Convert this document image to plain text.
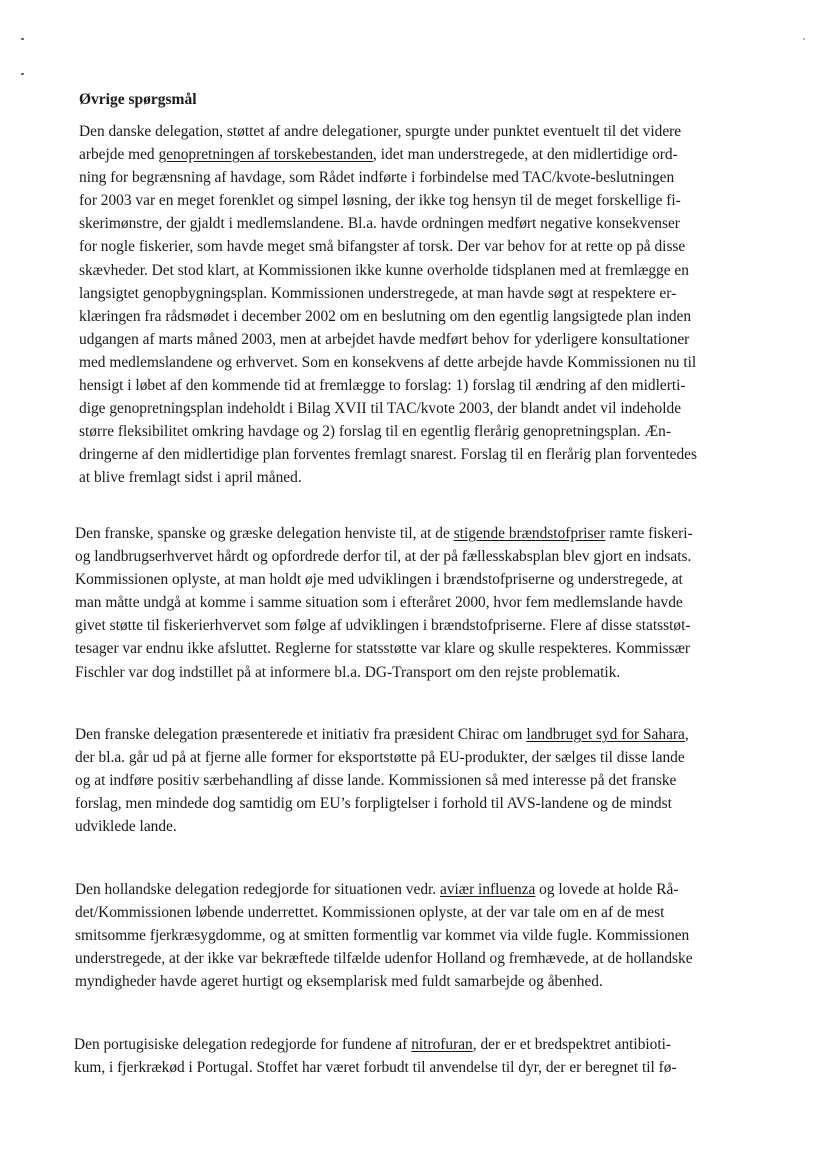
Øvrige spørgsmål
Den danske delegation, støttet af andre delegationer, spurgte under punktet eventuelt til det videre
arbejde med genopretningen af torskebestanden, idet man understregede, at den midlertidige ord-
ning for begrænsning af havdage, som Rådet indførte i forbindelse med TAC/kvote-beslutningen
for 2003 var en meget forenklet og simpel løsning, der ikke tog hensyn til de meget forskellige fi-
skerimønstre, der gjaldt i medlemslandene. Bl.a. havde ordningen medført negative konsekvenser
for nogle fiskerier, som havde meget små bifangster af torsk. Der var behov for at rette op på disse
skævheder. Det stod klart, at Kommissionen ikke kunne overholde tidsplanen med at fremlægge en
langsigtet genopbygningsplan. Kommissionen understregede, at man havde søgt at respektere er-
klæringen fra rådsmødet i december 2002 om en beslutning om den egentlig langsigtede plan inden
udgangen af marts måned 2003, men at arbejdet havde medført behov for yderligere konsultationer
med medlemslandene og erhvervet. Som en konsekvens af dette arbejde havde Kommissionen nu til
hensigt i løbet af den kommende tid at fremlægge to forslag: 1) forslag til ændring af den midlerti-
dige genopretningsplan indeholdt i Bilag XVII til TAC/kvote 2003, der blandt andet vil indeholde
større fleksibilitet omkring havdage og 2) forslag til en egentlig flerårig genopretningsplan. Æn-
dringerne af den midlertidige plan forventes fremlagt snarest. Forslag til en flerårig plan forventedes
at blive fremlagt sidst i april måned.
Den franske, spanske og græske delegation henviste til, at de stigende brændstofpriser ramte fiskeri-
og landbrugserhvervet hårdt og opfordrede derfor til, at der på fællesskabsplan blev gjort en indsats.
Kommissionen oplyste, at man holdt øje med udviklingen i brændstofpriserne og understregede, at
man måtte undgå at komme i samme situation som i efteråret 2000, hvor fem medlemslande havde
givet støtte til fiskerierhvervet som følge af udviklingen i brændstofpriserne. Flere af disse statsstøt-
tesager var endnu ikke afsluttet. Reglerne for statsstøtte var klare og skulle respekteres. Kommissær
Fischler var dog indstillet på at informere bl.a. DG-Transport om den rejste problematik.
Den franske delegation præsenterede et initiativ fra præsident Chirac om landbruget syd for Sahara,
der bl.a. går ud på at fjerne alle former for eksportstøtte på EU-produkter, der sælges til disse lande
og at indføre positiv særbehandling af disse lande. Kommissionen så med interesse på det franske
forslag, men mindede dog samtidig om EU’s forpligtelser i forhold til AVS-landene og de mindst
udviklede lande.
Den hollandske delegation redegjorde for situationen vedr. aviær influenza og lovede at holde Rå-
det/Kommissionen løbende underrettet. Kommissionen oplyste, at der var tale om en af de mest
smitsomme fjerkræsygdomme, og at smitten formentlig var kommet via vilde fugle. Kommissionen
understregede, at der ikke var bekræftede tilfælde udenfor Holland og fremhævede, at de hollandske
myndigheder havde ageret hurtigt og eksemplarisk med fuldt samarbejde og åbenhed.
Den portugisiske delegation redegjorde for fundene af nitrofuran, der er et bredspektret antibioti-
kum, i fjerkrækød i Portugal. Stoffet har været forbudt til anvendelse til dyr, der er beregnet til fø-
